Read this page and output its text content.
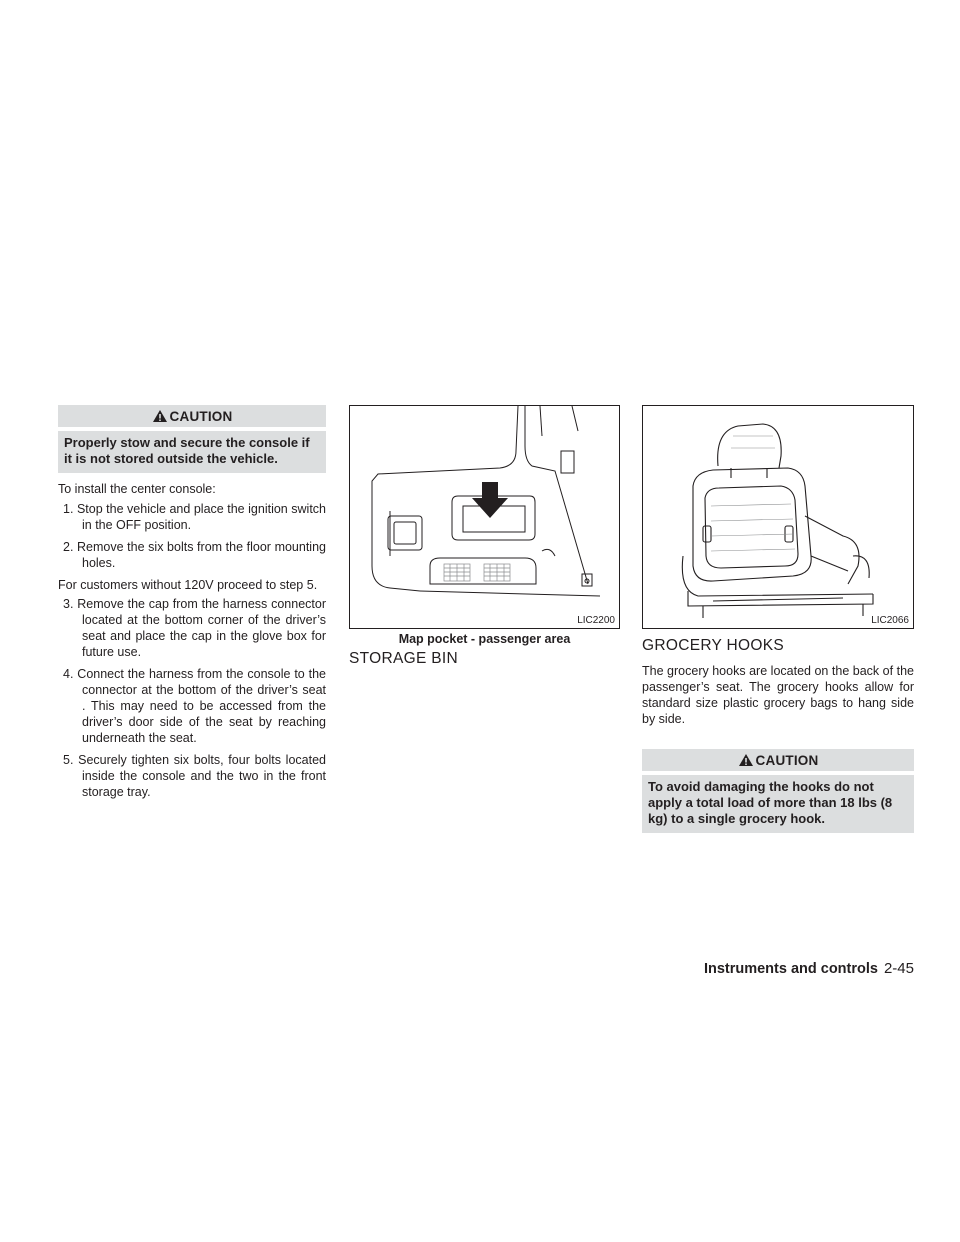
CAUTION
Properly stow and secure the console if it is not stored outside the vehicle.
To install the center console:
1. Stop the vehicle and place the ignition switch in the OFF position.
2. Remove the six bolts from the floor mounting holes.
For customers without 120V proceed to step 5.
3. Remove the cap from the harness connector located at the bottom corner of the driver’s seat and place the cap in the glove box for future use.
4. Connect the harness from the console to the connector at the bottom of the driver’s seat . This may need to be accessed from the driver’s door side of the seat by reaching underneath the seat.
5. Securely tighten six bolts, four bolts located inside the console and the two in the front storage tray.
LIC2200
Map pocket - passenger area
STORAGE BIN
LIC2066
GROCERY HOOKS
The grocery hooks are located on the back of the passenger’s seat. The grocery hooks allow for standard size plastic grocery bags to hang side by side.
CAUTION
To avoid damaging the hooks do not apply a total load of more than 18 lbs (8 kg) to a single grocery hook.
Instruments and controls 2-45
